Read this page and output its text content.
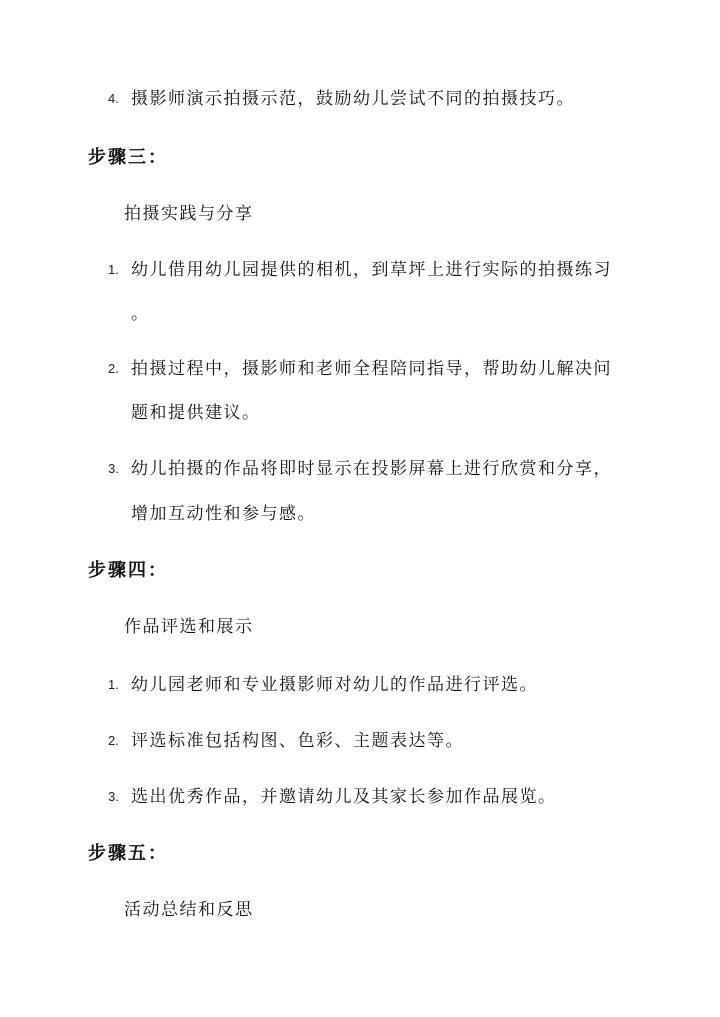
4. 摄影师演示拍摄示范，鼓励幼儿尝试不同的拍摄技巧。
步骤三：
拍摄实践与分享
1. 幼儿借用幼儿园提供的相机，到草坪上进行实际的拍摄练习
。
2. 拍摄过程中，摄影师和老师全程陪同指导，帮助幼儿解决问
题和提供建议。
3. 幼儿拍摄的作品将即时显示在投影屏幕上进行欣赏和分享，
增加互动性和参与感。
步骤四：
作品评选和展示
1. 幼儿园老师和专业摄影师对幼儿的作品进行评选。
2. 评选标准包括构图、色彩、主题表达等。
3. 选出优秀作品，并邀请幼儿及其家长参加作品展览。
步骤五：
活动总结和反思
